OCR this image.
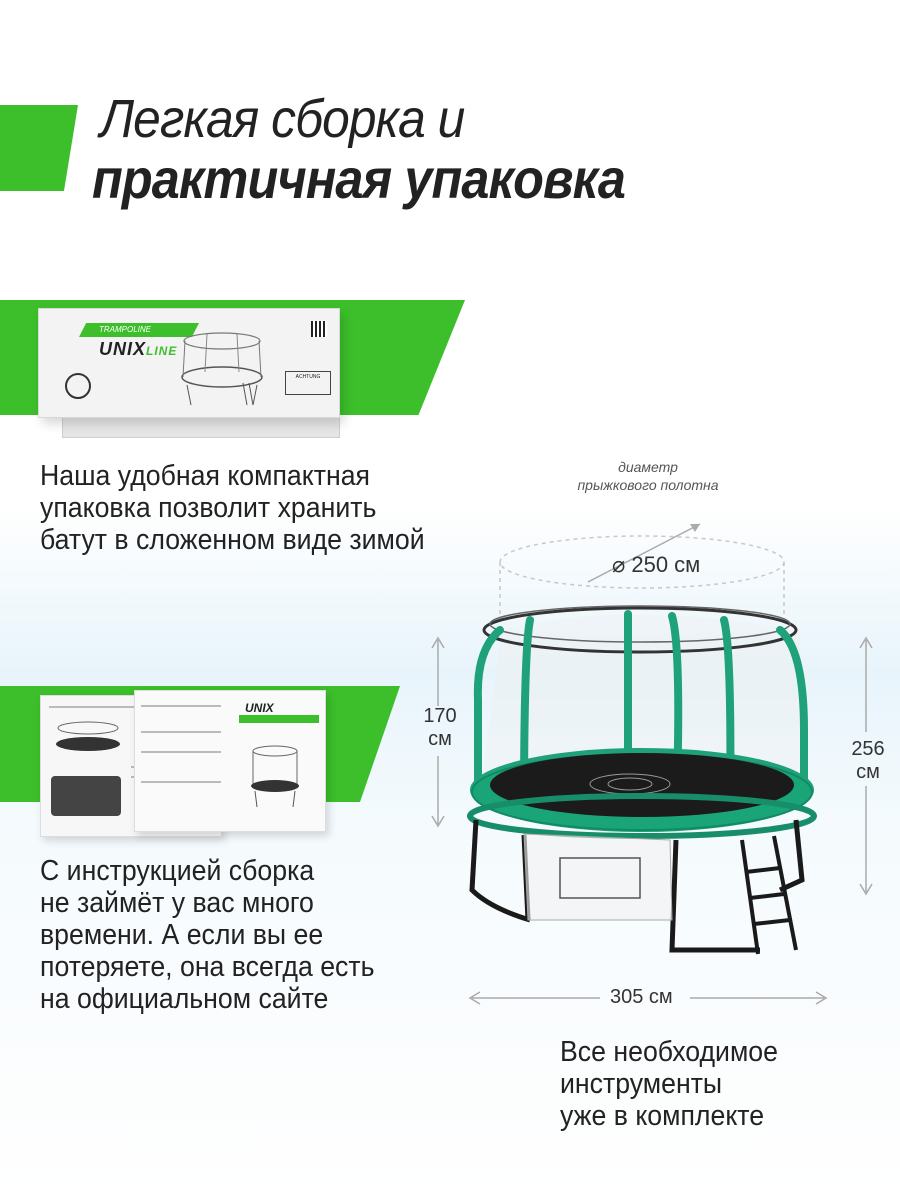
Легкая сборка и
практичная упаковка
TRAMPOLINE
UNIXLINE
ACHTUNG
Наша удобная компактная
упаковка позволит хранить
батут в сложенном виде зимой
UNIX
С инструкцией сборка
не займёт у вас много
времени. А если вы ее
потеряете, она всегда есть
на официальном сайте
диаметр
прыжкового полотна
⌀ 250 см
170
см	256
см
305 см
Все необходимое
инструменты
уже в комплекте
